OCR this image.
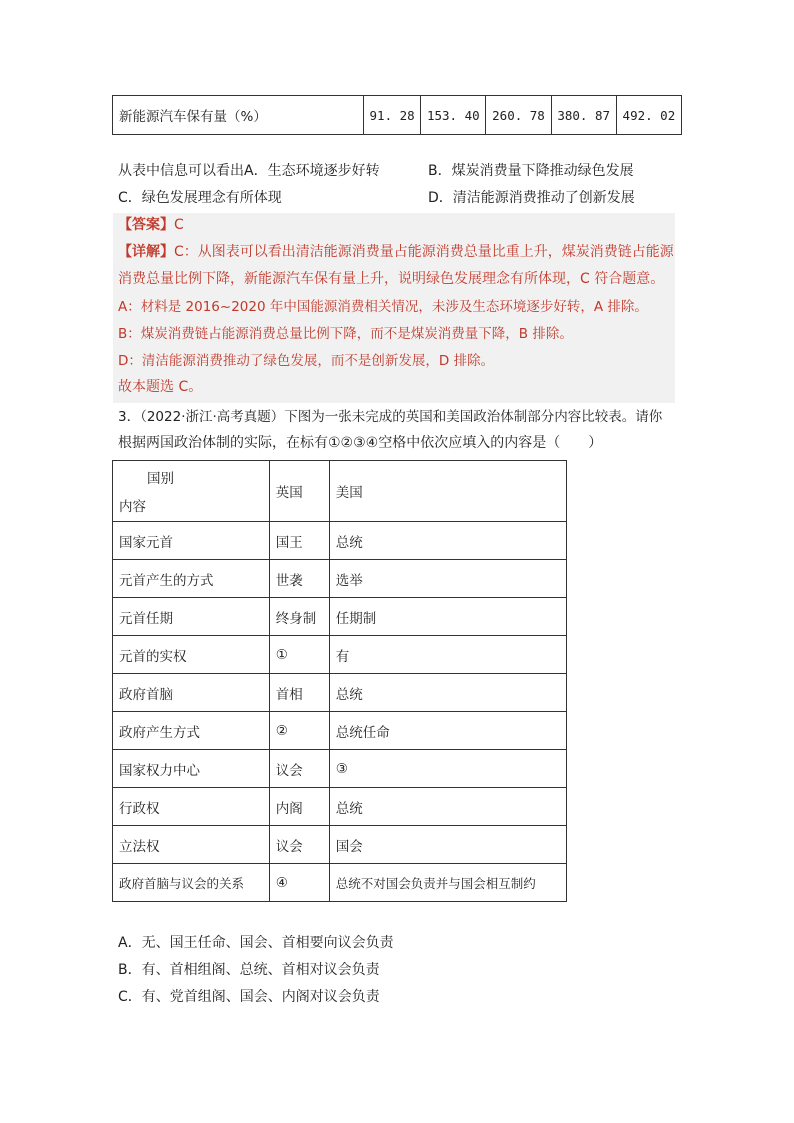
新能源汽车保有量（%）	91. 28	153. 40	260. 78	380. 87	492. 02
从表中信息可以看出A．生态环境逐步好转	B．煤炭消费量下降推动绿色发展
C．绿色发展理念有所体现	D．清洁能源消费推动了创新发展
【答案】C
【详解】C：从图表可以看出清洁能源消费量占能源消费总量比重上升，煤炭消费链占能源
消费总量比例下降，新能源汽车保有量上升，说明绿色发展理念有所体现，C 符合题意。
A：材料是 2016~2020 年中国能源消费相关情况，未涉及生态环境逐步好转，A 排除。
B：煤炭消费链占能源消费总量比例下降，而不是煤炭消费量下降，B 排除。
D：清洁能源消费推动了绿色发展，而不是创新发展，D 排除。
故本题选 C。
3．（2022·浙江·高考真题）下图为一张未完成的英国和美国政治体制部分内容比较表。请你
根据两国政治体制的实际，在标有①②③④空格中依次应填入的内容是（　　）
国别
内容	英国	美国
国家元首	国王	总统
元首产生的方式	世袭	选举
元首任期	终身制	任期制
元首的实权	①	有
政府首脑	首相	总统
政府产生方式	②	总统任命
国家权力中心	议会	③
行政权	内阁	总统
立法权	议会	国会
政府首脑与议会的关系	④	总统不对国会负责并与国会相互制约
A．无、国王任命、国会、首相要向议会负责
B．有、首相组阁、总统、首相对议会负责
C．有、党首组阁、国会、内阁对议会负责
